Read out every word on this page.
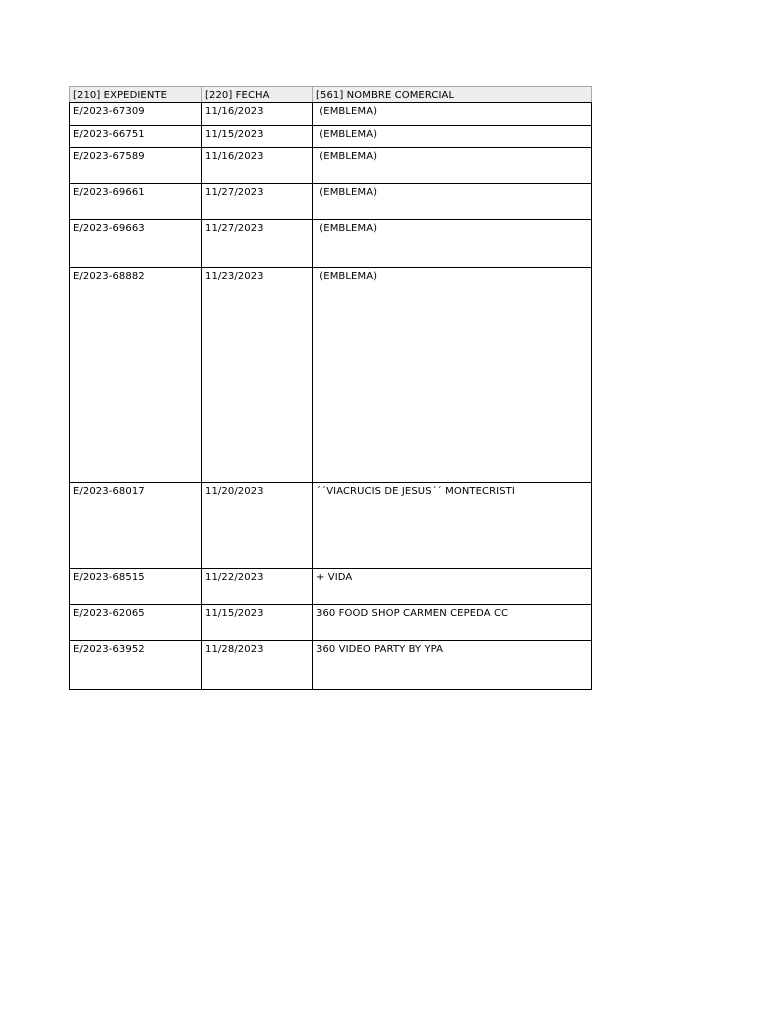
[210] EXPEDIENTE	[220] FECHA	[561] NOMBRE COMERCIAL
E/2023-67309	11/16/2023	(EMBLEMA)
E/2023-66751	11/15/2023	(EMBLEMA)
E/2023-67589	11/16/2023	(EMBLEMA)
E/2023-69661	11/27/2023	(EMBLEMA)
E/2023-69663	11/27/2023	(EMBLEMA)
E/2023-68882	11/23/2023	(EMBLEMA)
E/2023-68017	11/20/2023	´´VIACRUCIS DE JESUS´´ MONTECRISTI
E/2023-68515	11/22/2023	+ VIDA
E/2023-62065	11/15/2023	360 FOOD SHOP CARMEN CEPEDA CC
E/2023-63952	11/28/2023	360 VIDEO PARTY BY YPA
